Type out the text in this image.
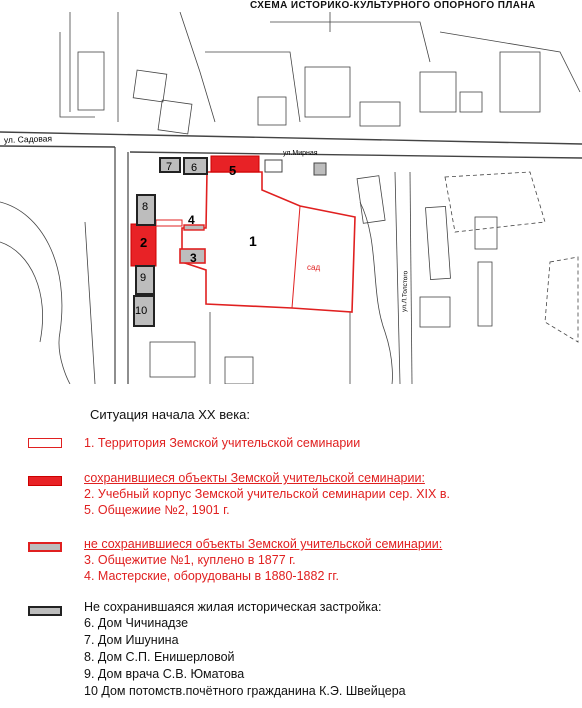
СХЕМА ИСТОРИКО-КУЛЬТУРНОГО ОПОРНОГО ПЛАНА
ул. Садовая
ул.Мирная
ул.Л.Толстого
сад
1
2
5
3
4
6
7
8
9
10
Ситуация начала XX века:
1. Территория Земской учительской семинарии
сохранившиеся объекты Земской учительской семинарии:
2. Учебный корпус Земской учительской семинарии сер. XIX в.
5. Общежиие №2, 1901 г.
не сохранившиеся объекты Земской учительской семинарии:
3. Общежитие №1, куплено в 1877 г.
4. Мастерские, оборудованы в 1880-1882 гг.
Не сохранившаяся жилая историческая застройка:
6. Дом Чичинадзе
7. Дом Ишунина
8. Дом С.П. Енишерловой
9. Дом врача С.В. Юматова
10 Дом потомств.почётного гражданина К.Э. Швейцера
